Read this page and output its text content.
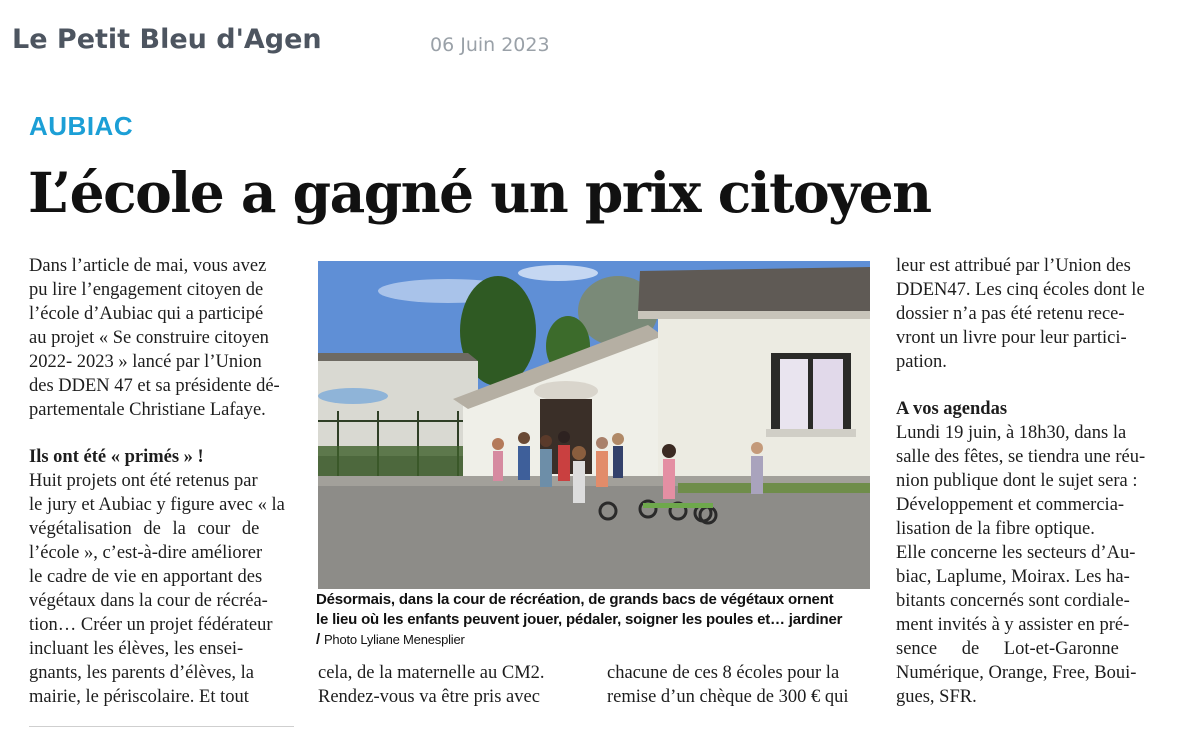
Le Petit Bleu d'Agen	06 Juin 2023
AUBIAC
L’école a gagné un prix citoyen

Dans l’article de mai, vous avez
pu lire l’engagement citoyen de
l’école d’Aubiac qui a participé
au projet « Se construire citoyen
2022- 2023 » lancé par l’Union
des DDEN 47 et sa présidente dé-
partementale Christiane Lafaye.

Ils ont été « primés » !

Huit projets ont été retenus par
le jury et Aubiac y figure avec « la
végétalisation de la cour de
l’école », c’est-à-dire améliorer
le cadre de vie en apportant des
végétaux dans la cour de récréa-
tion… Créer un projet fédérateur
incluant les élèves, les ensei-
gnants, les parents d’élèves, la
mairie, le périscolaire. Et tout

Désormais, dans la cour de récréation, de grands bacs de végétaux ornent
le lieu où les enfants peuvent jouer, pédaler, soigner les poules et… jardiner
/ Photo Lyliane Menesplier
cela, de la maternelle au CM2.
Rendez-vous va être pris avec
chacune de ces 8 écoles pour la
remise d’un chèque de 300 € qui

leur est attribué par l’Union des
DDEN47. Les cinq écoles dont le
dossier n’a pas été retenu rece-
vront un livre pour leur partici-
pation.

A vos agendas

Lundi 19 juin, à 18h30, dans la
salle des fêtes, se tiendra une réu-
nion publique dont le sujet sera :
Développement et commercia-
lisation de la fibre optique.
Elle concerne les secteurs d’Au-
biac, Laplume, Moirax. Les ha-
bitants concernés sont cordiale-
ment invités à y assister en pré-
sence de Lot-et-Garonne
Numérique, Orange, Free, Boui-
gues, SFR.
